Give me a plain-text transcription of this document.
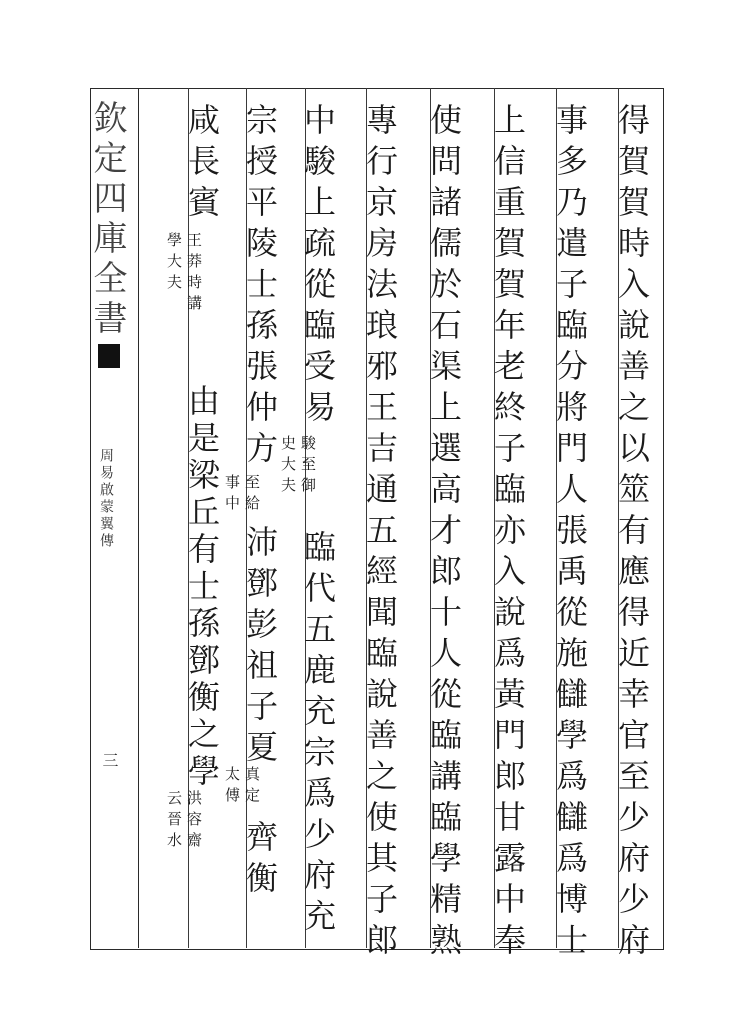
欽定四庫全書
周易啟蒙翼傳
三	得賀賀時入說善之以筮有應得近幸官至少府少府
事多乃遣子臨分將門人張禹從施讎學爲讎爲博士
上信重賀賀年老終子臨亦入說爲黃門郎甘露中奉
使問諸儒於石渠上選高才郎十人從臨講臨學精熟
專行京房法琅邪王吉通五經聞臨說善之使其子郎
中駿上疏從臨受易
駿至御
史大夫
臨代五鹿充宗爲少府充
宗授平陵士孫張仲方
至給
事中
沛鄧彭祖子夏
真定
太傅
齊衡
咸長賓
王莽時講
學大夫
由是梁丘有士孫鄧衡之學
洪容齋
云晉水
